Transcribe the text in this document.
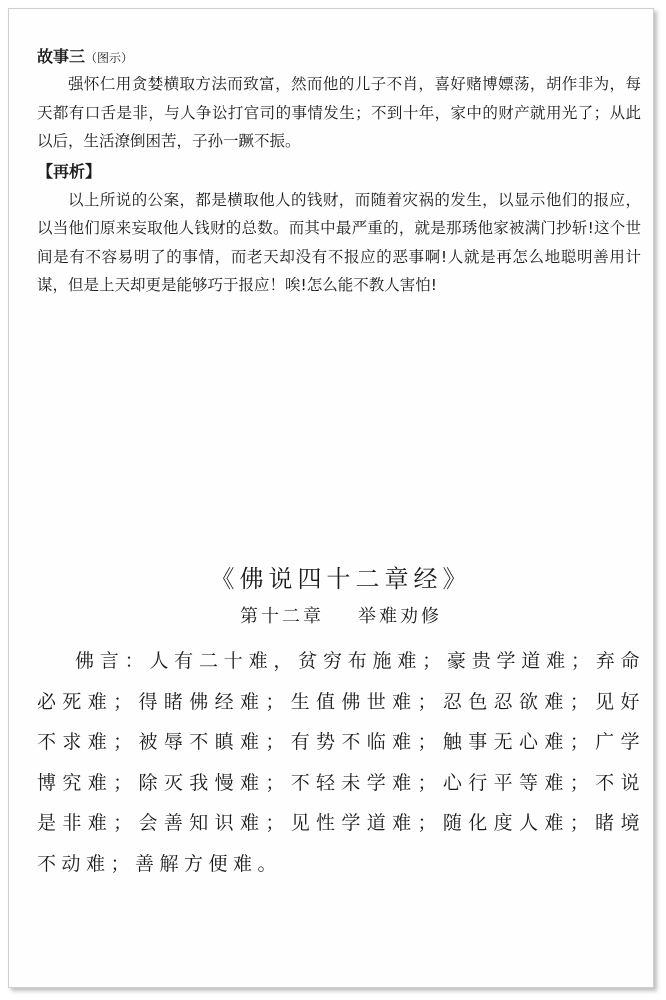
故事三（图示）

强怀仁用贪婪横取方法而致富，然而他的儿子不肖，喜好赌博嫖荡，胡作非为，每天都有口舌是非，与人争讼打官司的事情发生；不到十年，家中的财产就用光了；从此以后，生活潦倒困苦，子孙一蹶不振。

【再析】

以上所说的公案，都是横取他人的钱财，而随着灾祸的发生，以显示他们的报应，以当他们原来妄取他人钱财的总数。而其中最严重的，就是那琇他家被满门抄斩!这个世间是有不容易明了的事情，而老天却没有不报应的恶事啊!人就是再怎么地聪明善用计谋，但是上天却更是能够巧于报应！唉!怎么能不教人害怕!

《佛说四十二章经》

第十二章 举难劝修

佛言：人有二十难，贫穷布施难；豪贵学道难；弃命必死难；得睹佛经难；生值佛世难；忍色忍欲难；见好不求难；被辱不瞋难；有势不临难；触事无心难；广学博究难；除灭我慢难；不轻未学难；心行平等难；不说是非难；会善知识难；见性学道难；随化度人难；睹境不动难；善解方便难。
